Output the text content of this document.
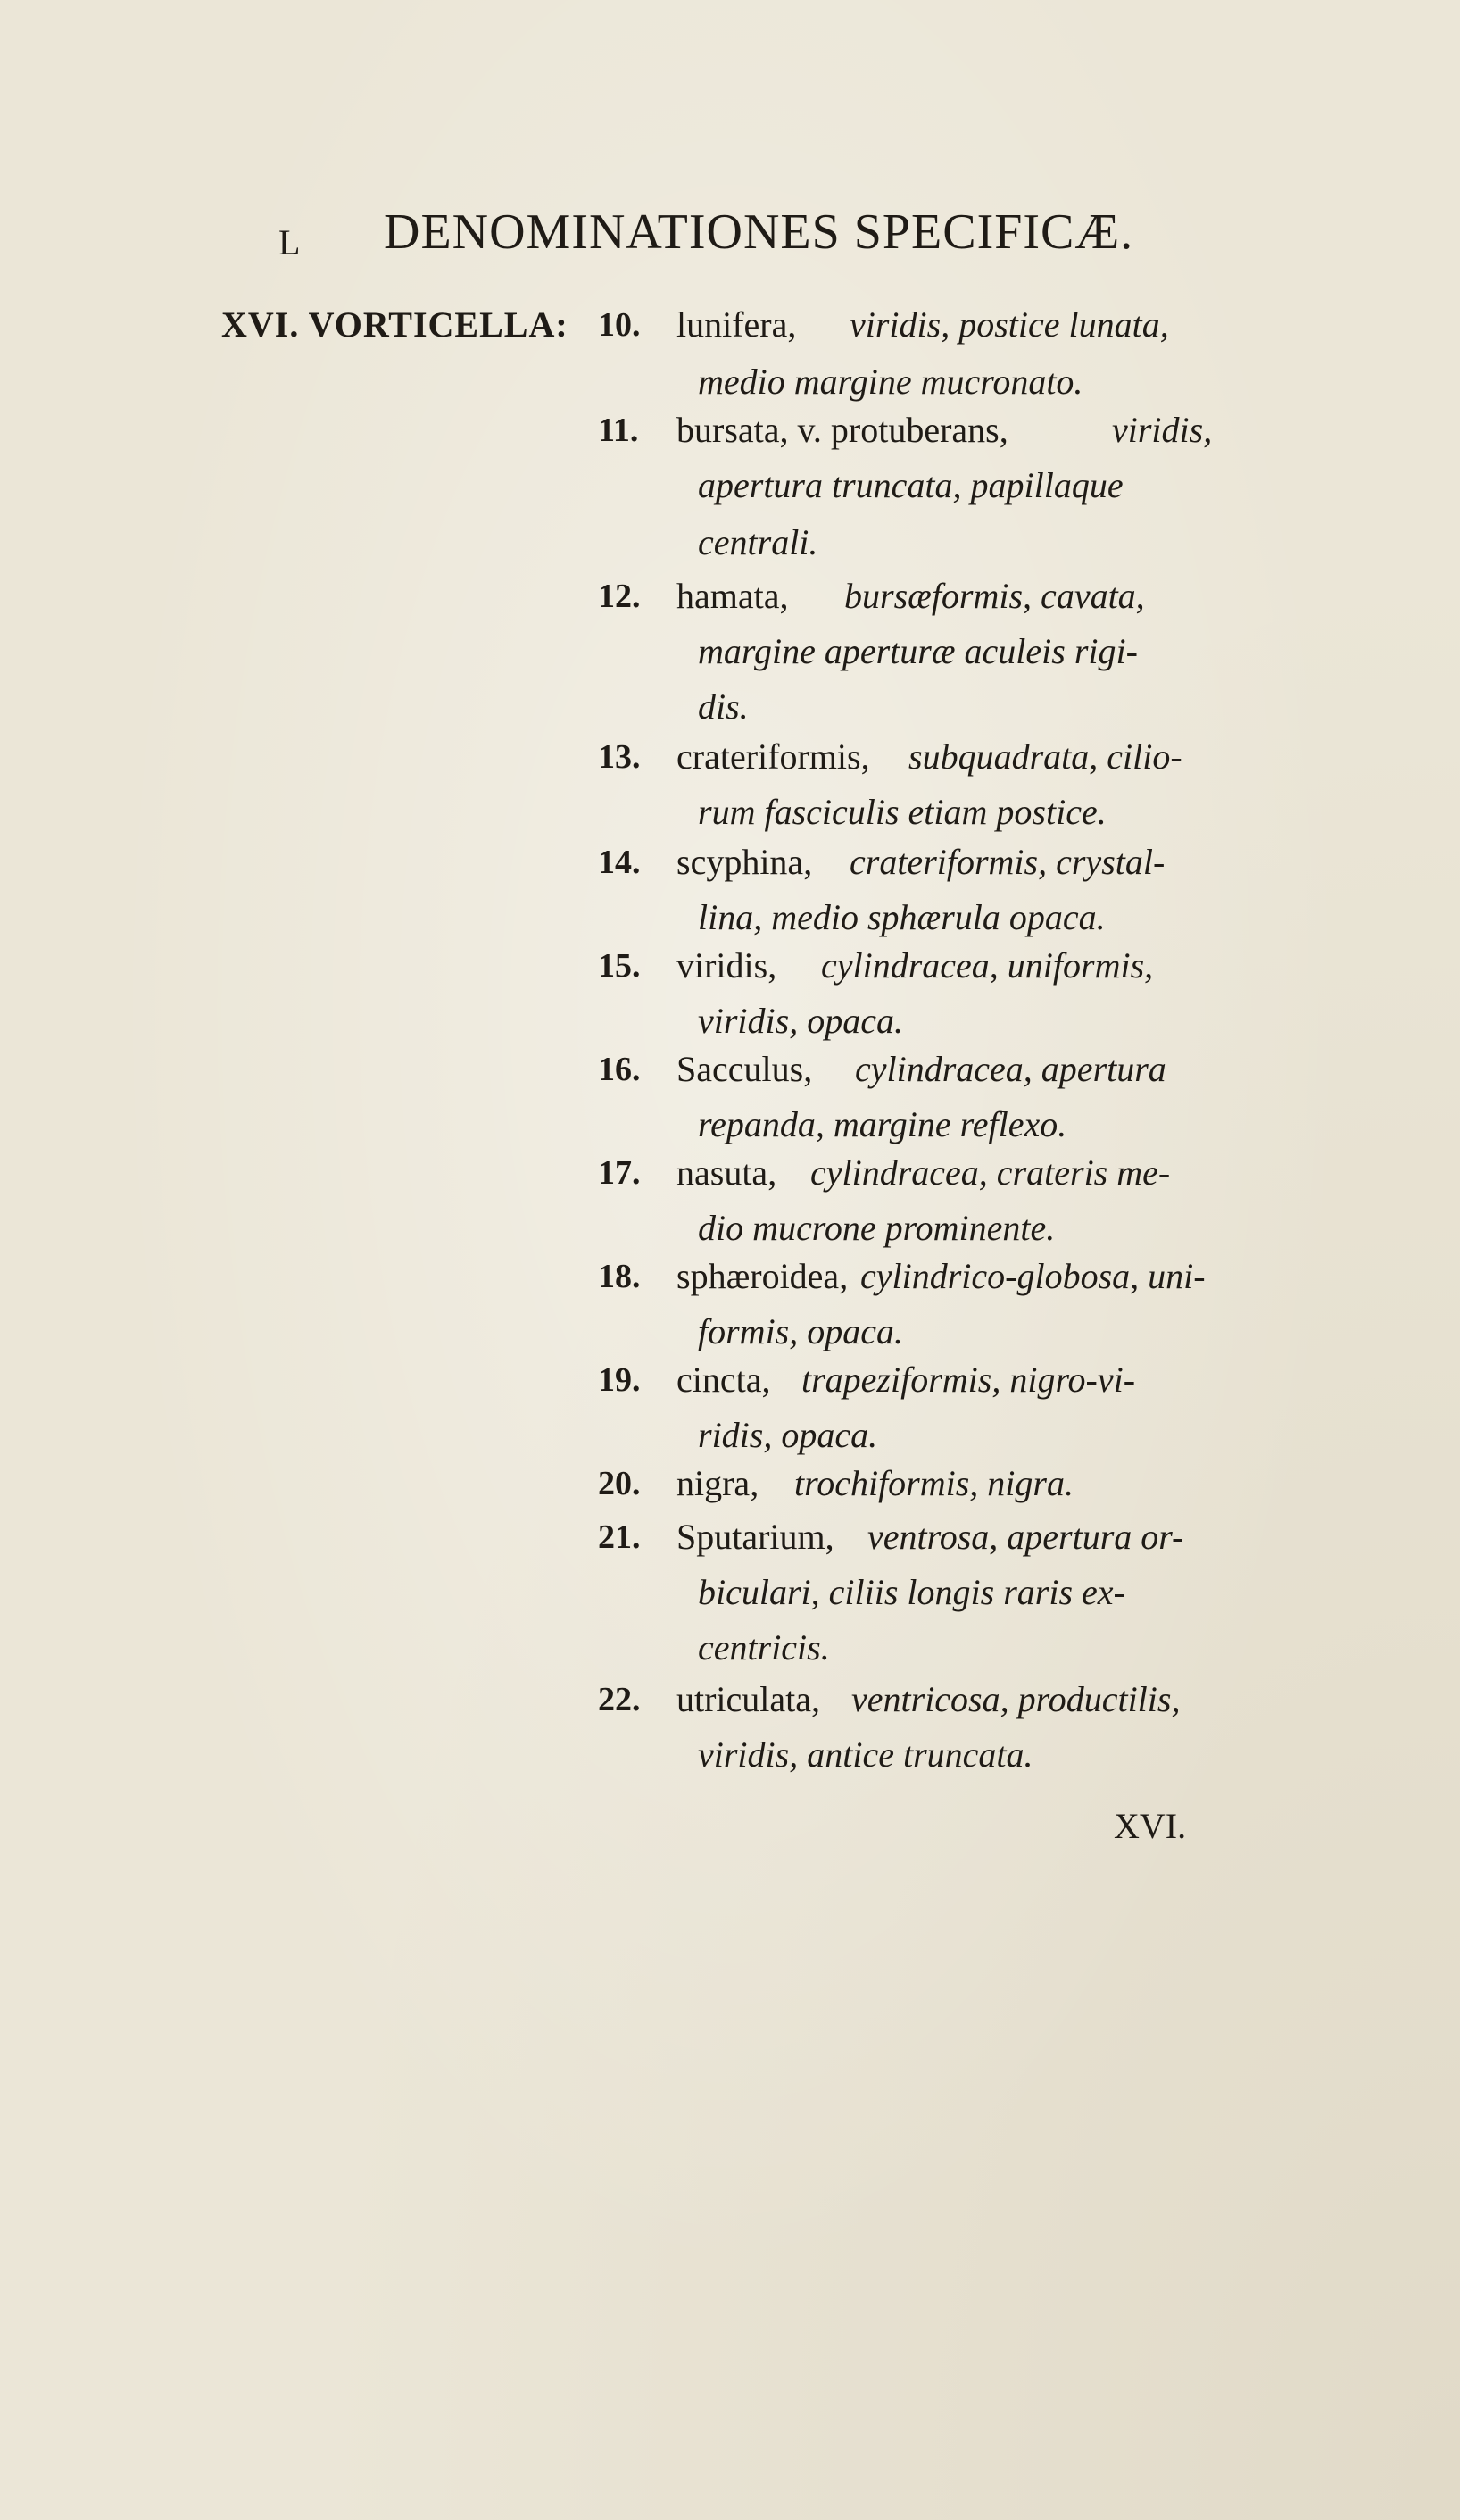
L DENOMINATIONES SPECIFICÆ.
XVI. VORTICELLA: 10.	lunifera, viridis, postice lunata,
medio margine mucronato.
11.	bursata, v. protuberans,	viridis,
apertura truncata, papillaque
centrali.
12.	hamata, bursæformis, cavata,
margine aperturæ aculeis rigi-
dis.
13.	crateriformis, subquadrata, cilio-
rum fasciculis etiam postice.
14.	scyphina, crateriformis, crystal-
lina, medio sphærula opaca.
15.	viridis, cylindracea, uniformis,
viridis, opaca.
16.	Sacculus, cylindracea, apertura
repanda, margine reflexo.
17.	nasuta, cylindracea, crateris me-
dio mucrone prominente.
18.	sphæroidea, cylindrico-globosa, uni-
formis, opaca.
19.	cincta, trapeziformis, nigro-vi-
ridis, opaca.
20.	nigra, trochiformis, nigra.
21.	Sputarium, ventrosa, apertura or-
biculari, ciliis longis raris ex-
centricis.
22.	utriculata, ventricosa, productilis,
viridis, antice truncata.
XVI.
